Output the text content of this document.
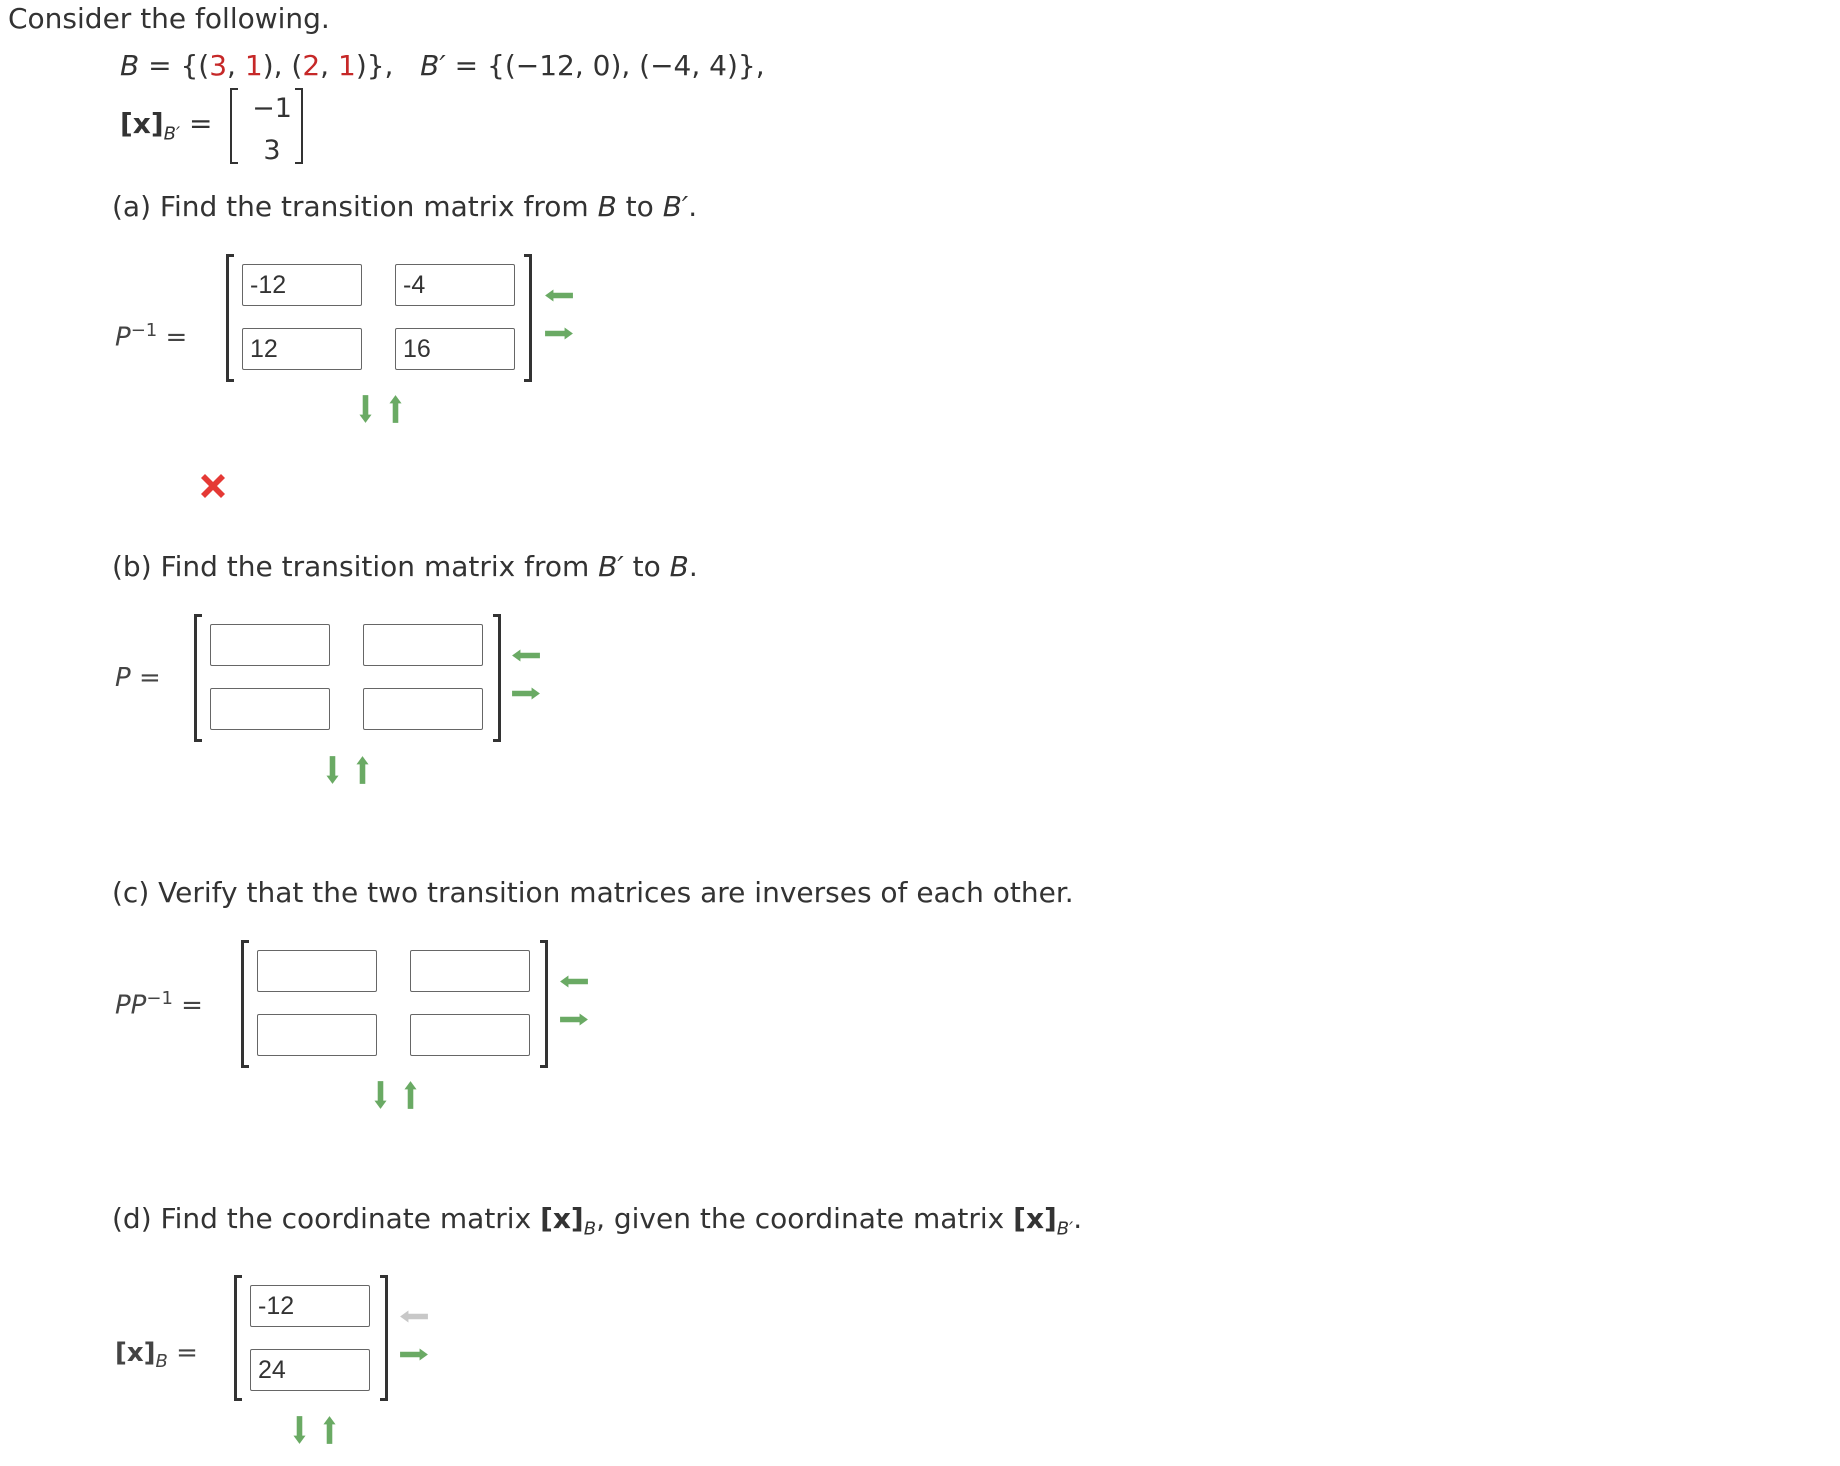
Consider the following.
B = {(3, 1), (2, 1)},   B′ = {(−12, 0), (−4, 4)},
$[x]_{B'} = -1$
3
(a) Find the transition matrix from B to B′.
$P^{-1}$ =
-12
-4
12
16
(b) Find the transition matrix from B′ to B.
P =
(c) Verify that the two transition matrices are inverses of each other.
$PP^{-1}$ =
(d) Find the coordinate matrix $[x]_B$, given the coordinate matrix $[x]_{B'}$.
$[x]_B$ =
-12
24
